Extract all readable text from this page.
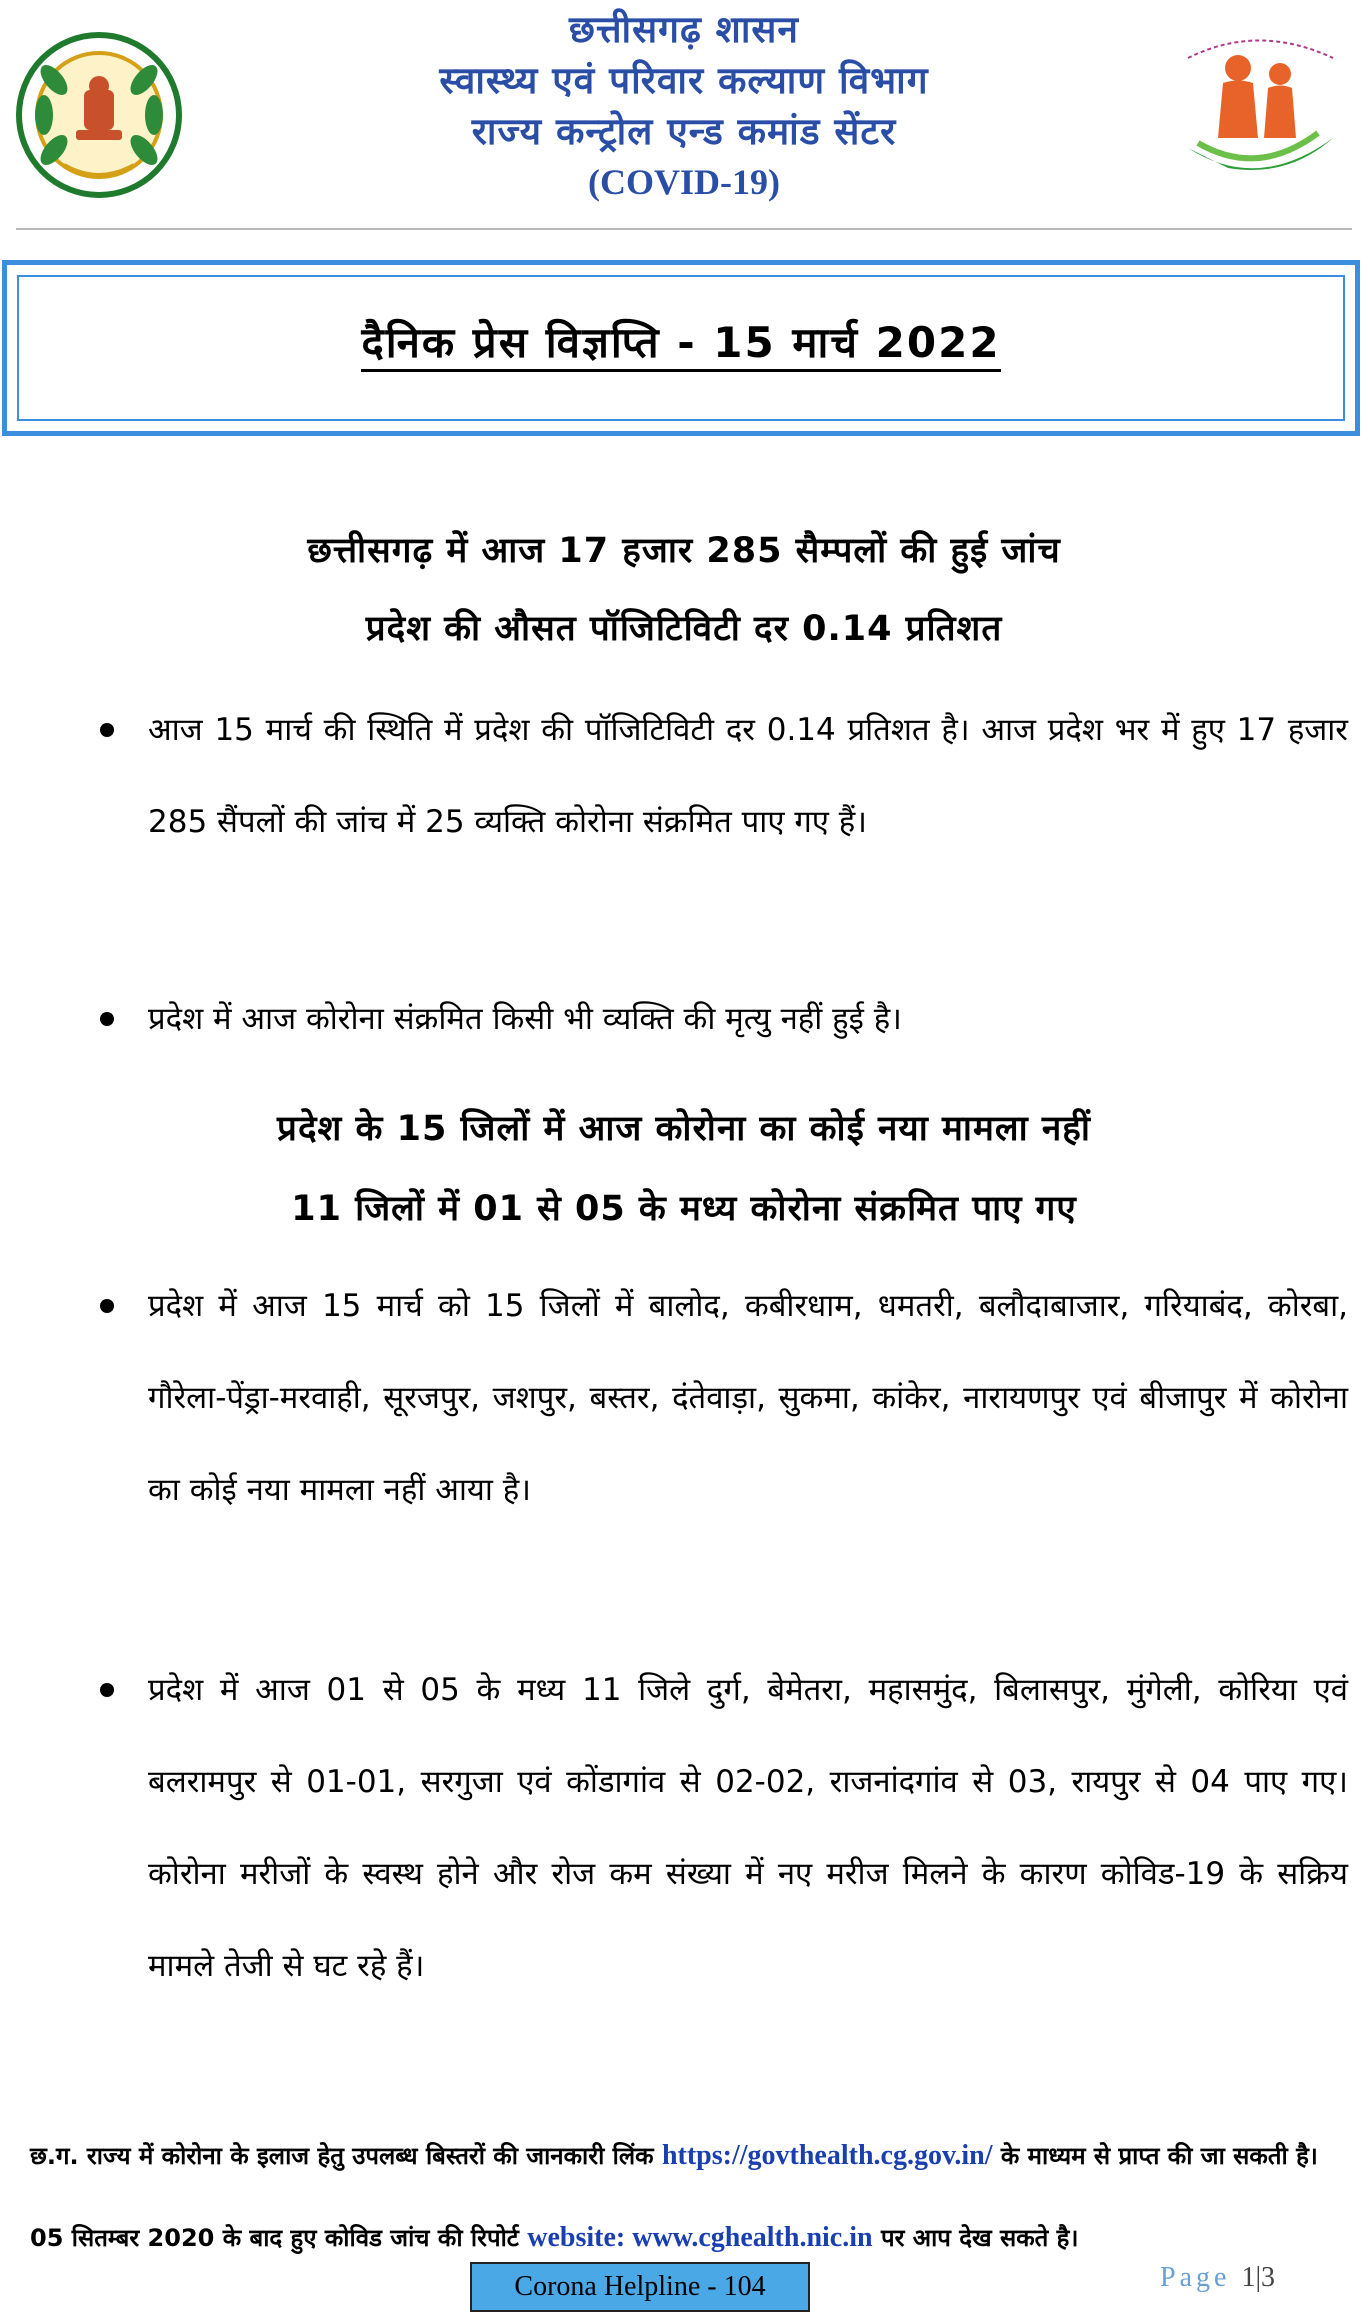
छत्तीसगढ़ शासन
स्वास्थ्य एवं परिवार कल्याण विभाग
राज्य कन्ट्रोल एन्ड कमांड सेंटर
(COVID-19)
दैनिक प्रेस विज्ञप्ति - 15 मार्च 2022
छत्तीसगढ़ में आज 17 हजार 285 सैम्पलों की हुई जांच
प्रदेश की औसत पॉजिटिविटी दर 0.14 प्रतिशत
आज 15 मार्च की स्थिति में प्रदेश की पॉजिटिविटी दर 0.14 प्रतिशत है। आज प्रदेश भर में हुए 17 हजार 285 सैंपलों की जांच में 25 व्यक्ति कोरोना संक्रमित पाए गए हैं।
प्रदेश में आज कोरोना संक्रमित किसी भी व्यक्ति की मृत्यु नहीं हुई है।
प्रदेश के 15 जिलों में आज कोरोना का कोई नया मामला नहीं
11 जिलों में 01 से 05 के मध्य कोरोना संक्रमित पाए गए
प्रदेश में आज 15 मार्च को 15 जिलों में बालोद, कबीरधाम, धमतरी, बलौदाबाजार, गरियाबंद, कोरबा, गौरेला-पेंड्रा-मरवाही, सूरजपुर, जशपुर, बस्तर, दंतेवाड़ा, सुकमा, कांकेर, नारायणपुर एवं बीजापुर में कोरोना का कोई नया मामला नहीं आया है।
प्रदेश में आज 01 से 05 के मध्य 11 जिले दुर्ग, बेमेतरा, महासमुंद, बिलासपुर, मुंगेली, कोरिया एवं बलरामपुर से 01-01, सरगुजा एवं कोंडागांव से 02-02, राजनांदगांव से 03, रायपुर से 04 पाए गए। कोरोना मरीजों के स्वस्थ होने और रोज कम संख्या में नए मरीज मिलने के कारण कोविड-19 के सक्रिय मामले तेजी से घट रहे हैं।
छ.ग. राज्य में कोरोना के इलाज हेतु उपलब्ध बिस्तरों की जानकारी लिंक https://govthealth.cg.gov.in/ के माध्यम से प्राप्त की जा सकती है।
05 सितम्बर 2020 के बाद हुए कोविड जांच की रिपोर्ट website: www.cghealth.nic.in पर आप देख सकते है।
Corona Helpline - 104	Page 1|3
